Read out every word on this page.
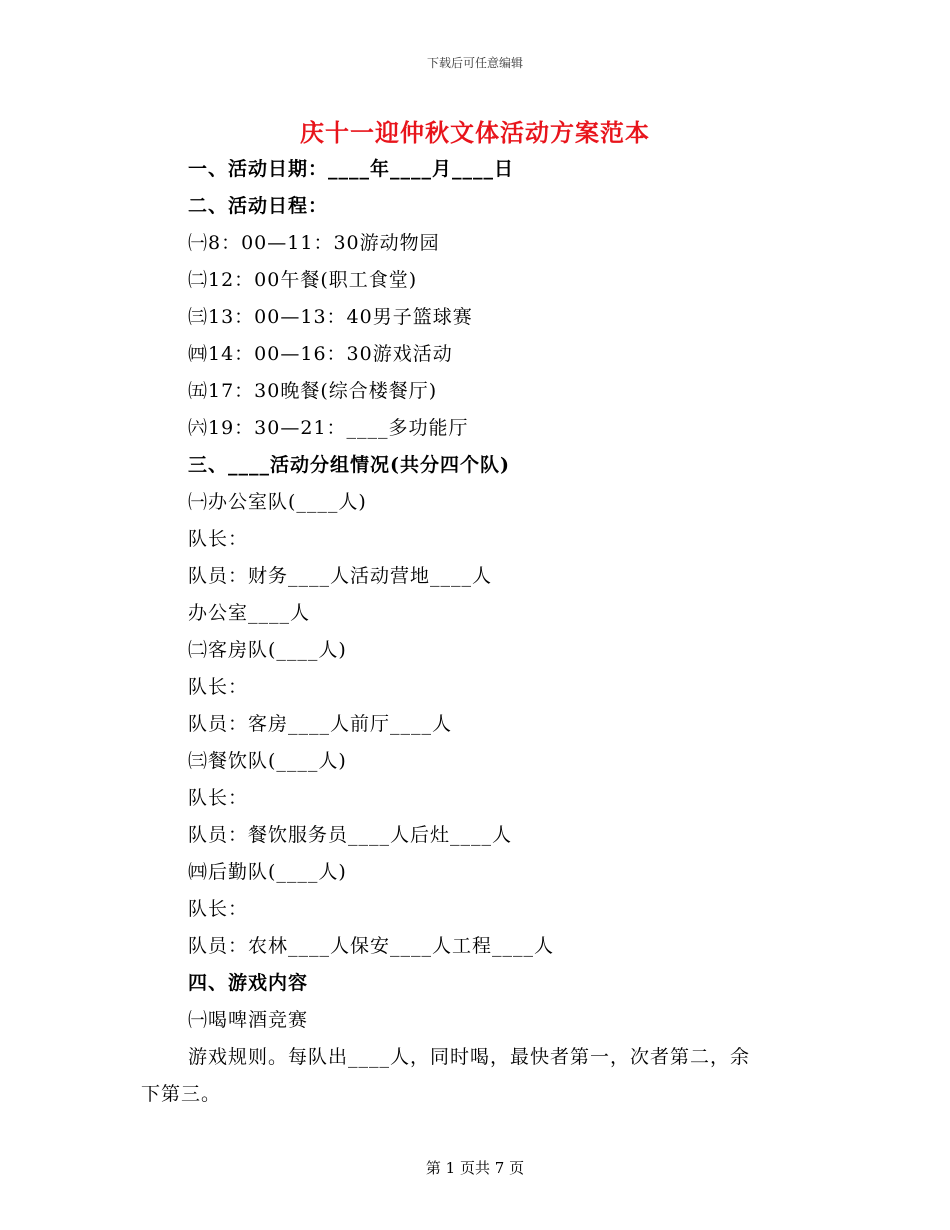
下载后可任意编辑
庆十一迎仲秋文体活动方案范本
一、活动日期：____年____月____日
二、活动日程：
㈠8：00—11：30游动物园
㈡12：00午餐(职工食堂)
㈢13：00—13：40男子篮球赛
㈣14：00—16：30游戏活动
㈤17：30晚餐(综合楼餐厅)
㈥19：30—21：____多功能厅
三、____活动分组情况(共分四个队)
㈠办公室队(____人)
队长：
队员：财务____人活动营地____人
办公室____人
㈡客房队(____人)
队长：
队员：客房____人前厅____人
㈢餐饮队(____人)
队长：
队员：餐饮服务员____人后灶____人
㈣后勤队(____人)
队长：
队员：农林____人保安____人工程____人
四、游戏内容
㈠喝啤酒竞赛
游戏规则。每队出____人，同时喝，最快者第一，次者第二，余
下第三。
第 1 页共 7 页
